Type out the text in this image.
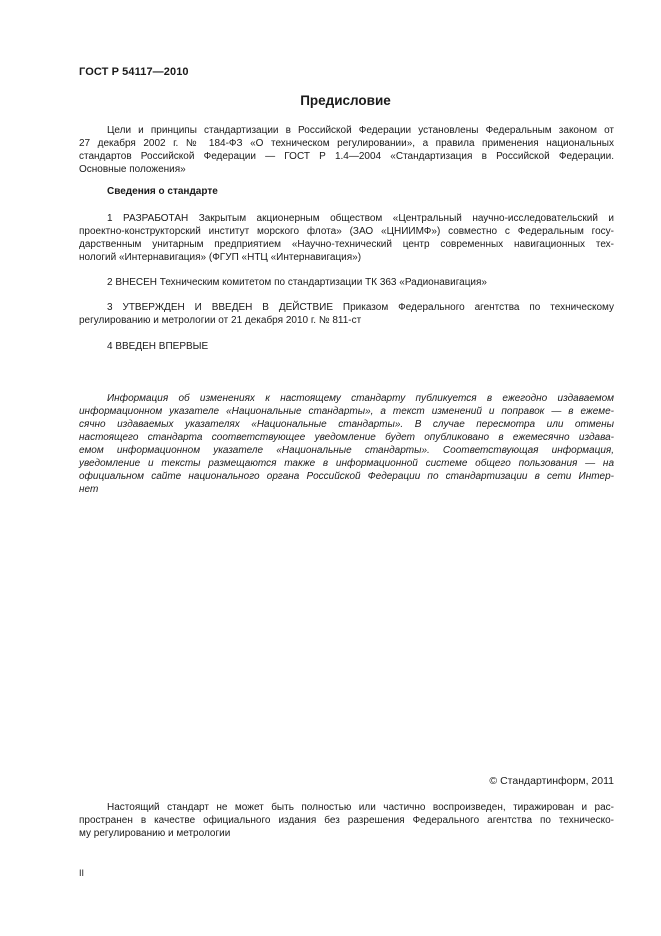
ГОСТ Р 54117—2010
Предисловие
Цели и принципы стандартизации в Российской Федерации установлены Федеральным законом от
27 декабря 2002 г. № 184-ФЗ «О техническом регулировании», а правила применения национальных
стандартов Российской Федерации — ГОСТ Р 1.4—2004 «Стандартизация в Российской Федерации.
Основные положения»
Сведения о стандарте
1 РАЗРАБОТАН Закрытым акционерным обществом «Центральный научно-исследовательский и
проектно-конструкторский институт морского флота» (ЗАО «ЦНИИМФ») совместно с Федеральным госу-
дарственным унитарным предприятием «Научно-технический центр современных навигационных тех-
нологий «Интернавигация» (ФГУП «НТЦ «Интернавигация»)
2 ВНЕСЕН Техническим комитетом по стандартизации ТК 363 «Радионавигация»
3 УТВЕРЖДЕН И ВВЕДЕН В ДЕЙСТВИЕ Приказом Федерального агентства по техническому
регулированию и метрологии от 21 декабря 2010 г. № 811-ст
4 ВВЕДЕН ВПЕРВЫЕ
Информация об изменениях к настоящему стандарту публикуется в ежегодно издаваемом
информационном указателе «Национальные стандарты», а текст изменений и поправок — в ежеме-
сячно издаваемых указателях «Национальные стандарты». В случае пересмотра или отмены
настоящего стандарта соответствующее уведомление будет опубликовано в ежемесячно издава-
емом информационном указателе «Национальные стандарты». Соответствующая информация,
уведомление и тексты размещаются также в информационной системе общего пользования — на
официальном сайте национального органа Российской Федерации по стандартизации в сети Интер-
нет
© Стандартинформ, 2011
Настоящий стандарт не может быть полностью или частично воспроизведен, тиражирован и рас-
пространен в качестве официального издания без разрешения Федерального агентства по техническо-
му регулированию и метрологии
II
